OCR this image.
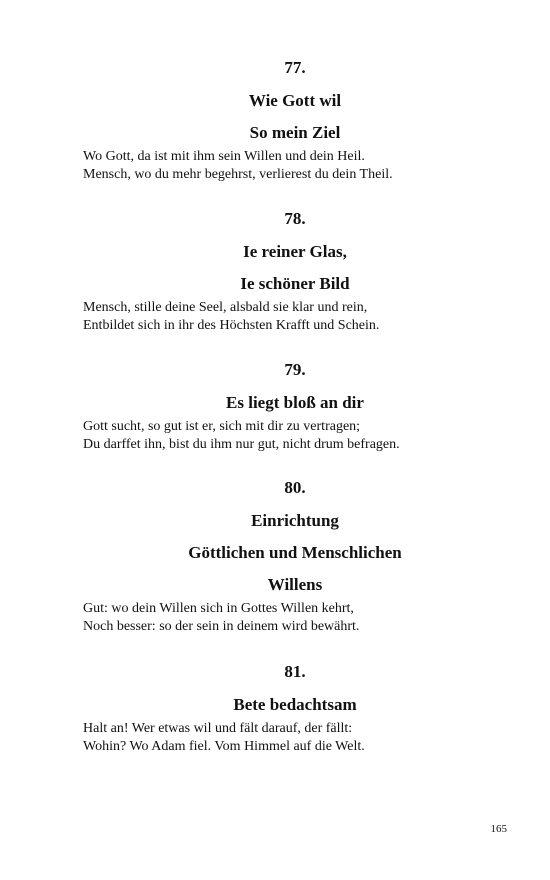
77.
Wie Gott wil
So mein Ziel
Wo Gott, da ist mit ihm sein Willen und dein Heil.
Mensch, wo du mehr begehrst, verlierest du dein Theil.
78.
Ie reiner Glas,
Ie schöner Bild
Mensch, stille deine Seel, alsbald sie klar und rein,
Entbildet sich in ihr des Höchsten Krafft und Schein.
79.
Es liegt bloß an dir
Gott sucht, so gut ist er, sich mit dir zu vertragen;
Du darffet ihn, bist du ihm nur gut, nicht drum befragen.
80.
Einrichtung
Göttlichen und Menschlichen
Willens
Gut: wo dein Willen sich in Gottes Willen kehrt,
Noch besser: so der sein in deinem wird bewährt.
81.
Bete bedachtsam
Halt an! Wer etwas wil und fält darauf, der fällt:
Wohin? Wo Adam fiel. Vom Himmel auf die Welt.
165
